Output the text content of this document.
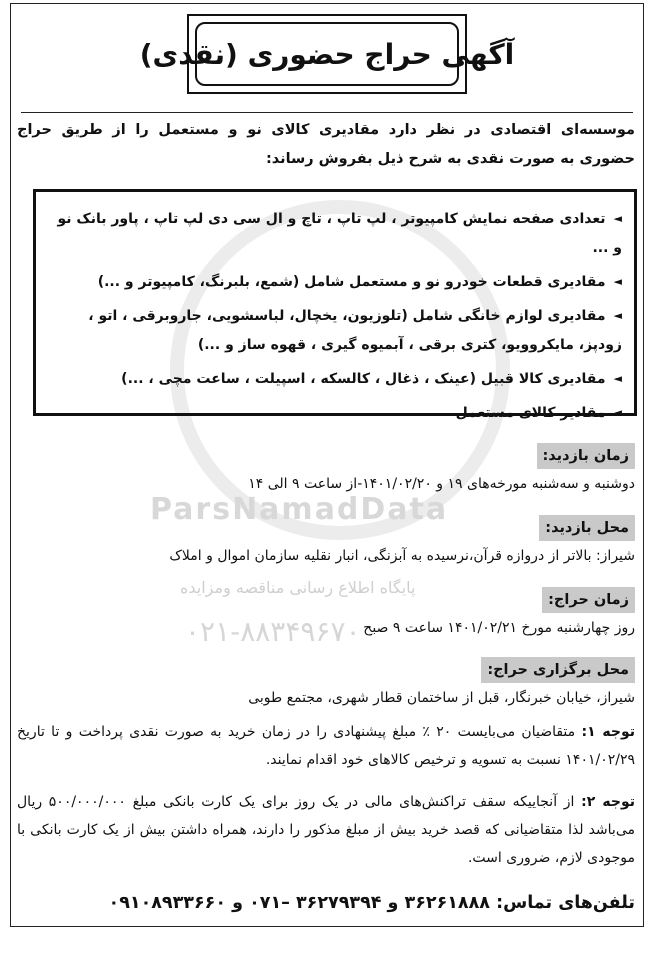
ParsNamadData
پایگاه اطلاع رسانی مناقصه ومزایده
۰۲۱-۸۸۳۴۹۶۷۰
آگهی حراج حضوری (نقدی)
موسسه‌ای اقتصادی در نظر دارد مقادیری کالای نو و مستعمل را از طریق حراج حضوری به صورت نقدی به شرح ذیل بفروش رساند:
◄تعدادی صفحه نمایش کامپیوتر ، لپ تاپ ، تاچ و ال سی دی لپ تاپ ، پاور بانک نو و ...
◄مقادیری قطعات خودرو نو و مستعمل شامل (شمع، بلبرنگ، کامپیوتر و ...)
◄مقادیری لوازم خانگی شامل (تلوزیون، یخچال، لباسشویی، جاروبرقی ، اتو ، زودپز، مایکروویو، کتری برقی ، آبمیوه گیری ، قهوه ساز و ...)
◄مقادیری کالا قبیل (عینک ، ذغال ، کالسکه ، اسپیلت ، ساعت مچی ، ...)
◄مقادیر کالای مستعمل
زمان بازدید:
دوشنبه و سه‌شنبه مورخه‌های ۱۹ و ۱۴۰۱/۰۲/۲۰-از ساعت ۹ الی ۱۴
محل بازدید:
شیراز: بالاتر از دروازه قرآن،نرسیده به آبزنگی، انبار نقلیه سازمان اموال و املاک
زمان حراج:
روز چهارشنبه مورخ ۱۴۰۱/۰۲/۲۱ ساعت ۹ صبح
محل برگزاری حراج:
شیراز، خیابان خبرنگار، قبل از ساختمان قطار شهری، مجتمع طوبی
توجه ۱: متقاضیان می‌بایست ۲۰ ٪ مبلغ پیشنهادی را در زمان خرید به صورت نقدی پرداخت و تا تاریخ ۱۴۰۱/۰۲/۲۹ نسبت به تسویه و ترخیص کالاهای خود اقدام نمایند.
توجه ۲: از آنجاییکه سقف تراکنش‌های مالی در یک روز برای یک کارت بانکی مبلغ ۵۰۰/۰۰۰/۰۰۰ ریال می‌باشد لذا متقاضیانی که قصد خرید بیش از مبلغ مذکور را دارند، همراه داشتن بیش از یک کارت بانکی با موجودی لازم، ضروری است.
تلفن‌های تماس: ۳۶۲۶۱۸۸۸ و ۳۶۲۷۹۳۹۴ –۰۷۱ و ۰۹۱۰۸۹۳۳۶۶۰
